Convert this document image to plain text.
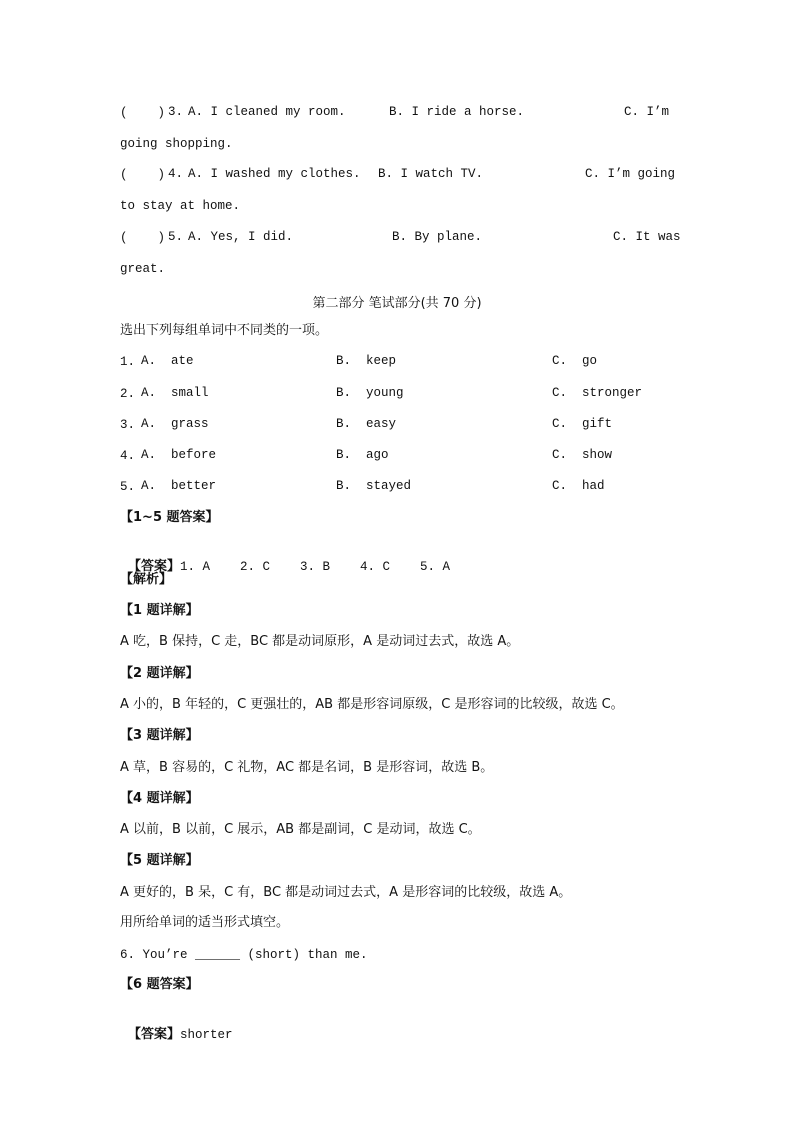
(    ) 3. A. I cleaned my room.	B. I ride a horse.	C. I’m
going shopping.
(    ) 4. A. I washed my clothes. B. I watch TV.	C. I’m going
to stay at home.
(    ) 5. A. Yes, I did.	B. By plane.	C. It was
great.
第二部分 笔试部分(共 70 分)
选出下列每组单词中不同类的一项。
1. A.  ate	B.  keep	C.  go
2. A.  small	B.  young	C.  stronger
3. A.  grass	B.  easy	C.  gift
4. A.  before	B.  ago	C.  show
5. A.  better	B.  stayed	C.  had
【1~5 题答案】

【答案】1. A    2. C    3. B    4. C    5. A

【解析】
【1 题详解】
A 吃，B 保持，C 走，BC 都是动词原形，A 是动词过去式，故选 A。
【2 题详解】
A 小的，B 年轻的，C 更强壮的，AB 都是形容词原级，C 是形容词的比较级，故选 C。
【3 题详解】
A 草，B 容易的，C 礼物，AC 都是名词，B 是形容词，故选 B。
【4 题详解】
A 以前，B 以前，C 展示，AB 都是副词，C 是动词，故选 C。
【5 题详解】
A 更好的，B 呆，C 有，BC 都是动词过去式，A 是形容词的比较级，故选 A。
用所给单词的适当形式填空。
6. You’re ______ (short) than me.
【6 题答案】

【答案】shorter
